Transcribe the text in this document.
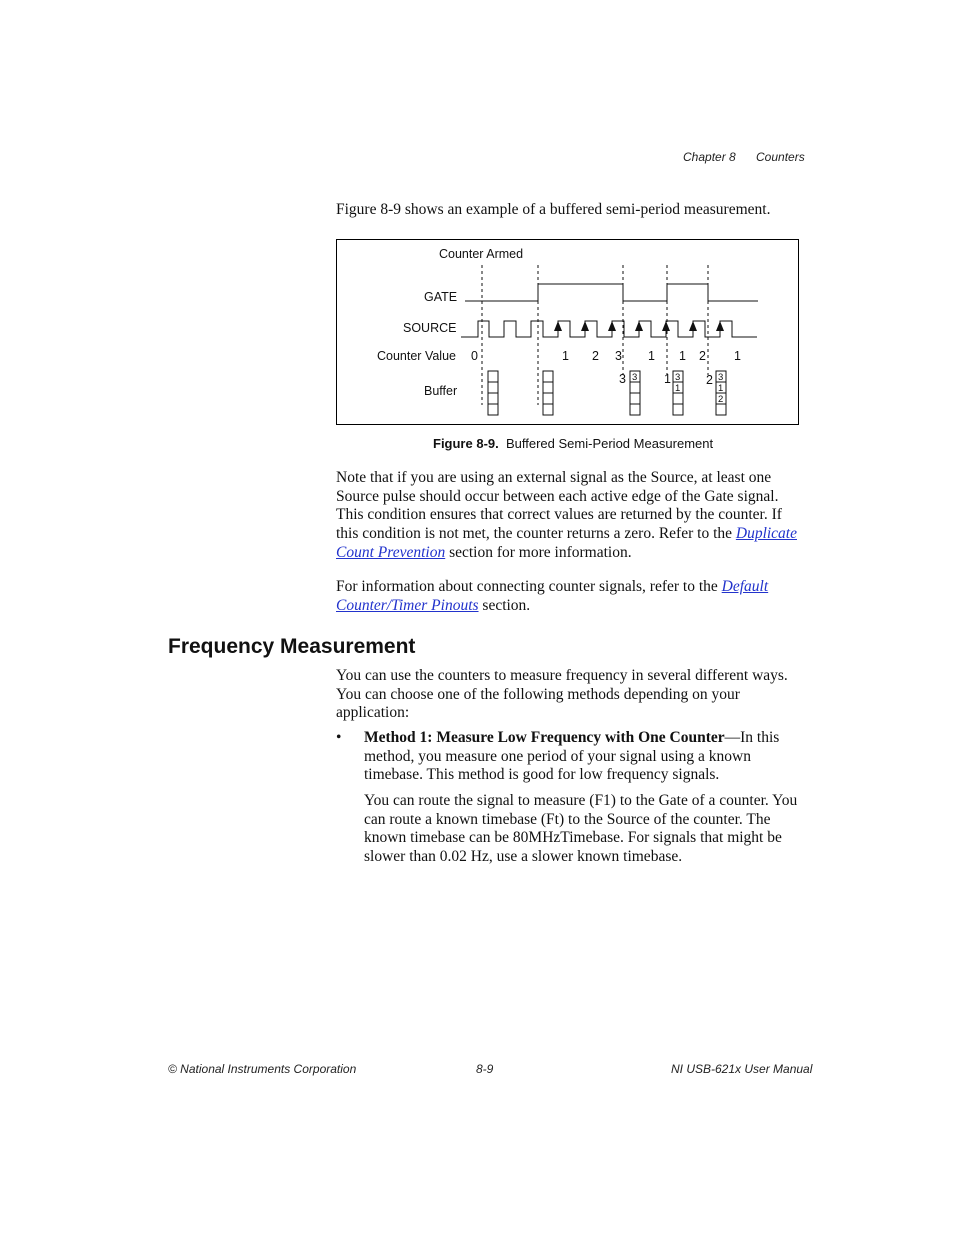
Chapter 8 Counters
Figure 8-9 shows an example of a buffered semi-period measurement.
Counter Armed
GATE
SOURCE
Counter Value
Buffer
0	1 2 3 1 1 2 1
3	1	2
3	3
1
3
1
2
Figure 8-9. Buffered Semi-Period Measurement
Note that if you are using an external signal as the Source, at least one Source pulse should occur between each active edge of the Gate signal. This condition ensures that correct values are returned by the counter. If this condition is not met, the counter returns a zero. Refer to the Duplicate Count Prevention section for more information.
For information about connecting counter signals, refer to the Default Counter/Timer Pinouts section.
Frequency Measurement
You can use the counters to measure frequency in several different ways. You can choose one of the following methods depending on your application:
• Method 1: Measure Low Frequency with One Counter—In this method, you measure one period of your signal using a known timebase. This method is good for low frequency signals.
You can route the signal to measure (F1) to the Gate of a counter. You can route a known timebase (Ft) to the Source of the counter. The known timebase can be 80MHzTimebase. For signals that might be slower than 0.02 Hz, use a slower known timebase.
© National Instruments Corporation	8-9	NI USB-621x User Manual
